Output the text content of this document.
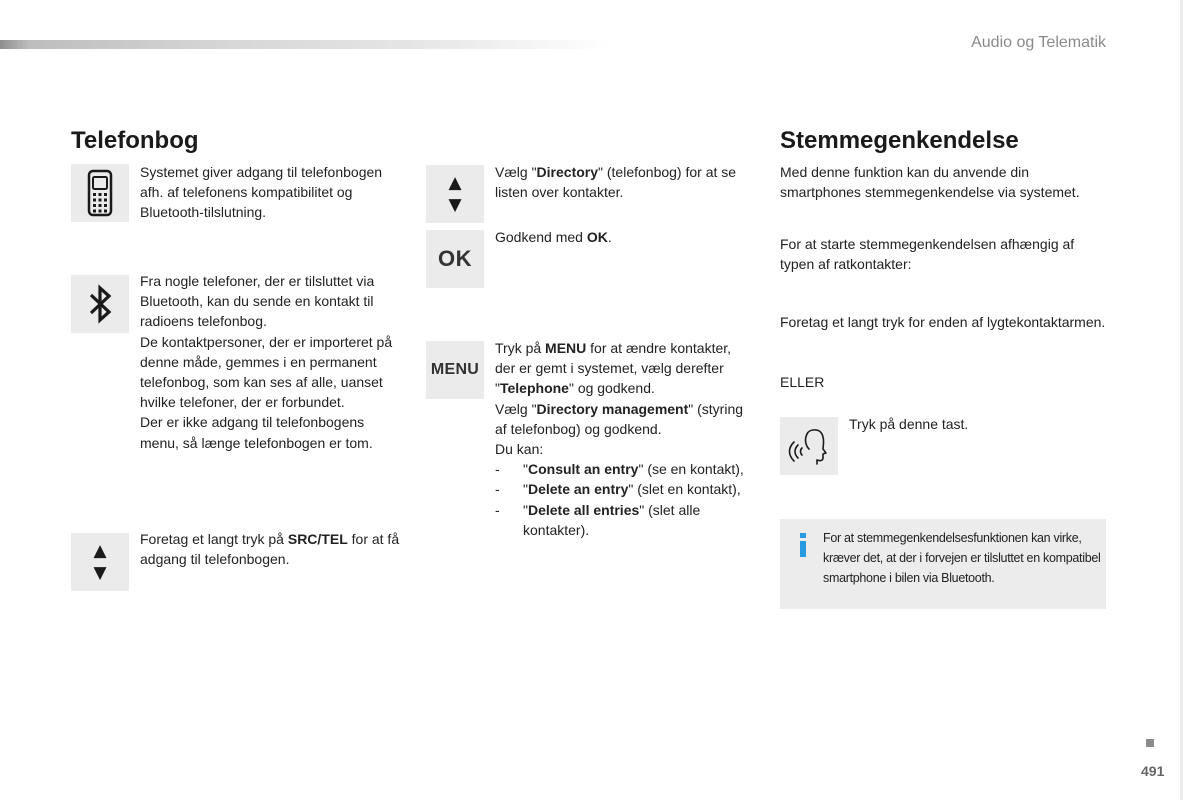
Audio og Telematik
Telefonbog
Systemet giver adgang til telefonbogen afh. af telefonens kompatibilitet og Bluetooth-tilslutning.

Fra nogle telefoner, der er tilsluttet via Bluetooth, kan du sende en kontakt til radioens telefonbog.

De kontaktpersoner, der er importeret på denne måde, gemmes i en permanent telefonbog, som kan ses af alle, uanset hvilke telefoner, der er forbundet.

Der er ikke adgang til telefonbogens menu, så længe telefonbogen er tom.

▲
▼
Foretag et langt tryk på SRC/TEL for at få adgang til telefonbogen.
▲
▼
Vælg "Directory" (telefonbog) for at se listen over kontakter.
OK
Godkend med OK.
MENU

Tryk på MENU for at ændre kontakter, der er gemt i systemet, vælg derefter "Telephone" og godkend.

Vælg "Directory management" (styring af telefonbog) og godkend.

Du kan:

- "Consult an entry" (se en kontakt),
- "Delete an entry" (slet en kontakt),
- "Delete all entries" (slet alle kontakter).
Stemmegenkendelse
Med denne funktion kan du anvende din smartphones stemmegenkendelse via systemet.
For at starte stemmegenkendelsen afhængig af typen af ratkontakter:
Foretag et langt tryk for enden af lygtekontaktarmen.
ELLER
Tryk på denne tast.
For at stemmegenkendelsesfunktionen kan virke, kræver det, at der i forvejen er tilsluttet en kompatibel smartphone i bilen via Bluetooth.
491
